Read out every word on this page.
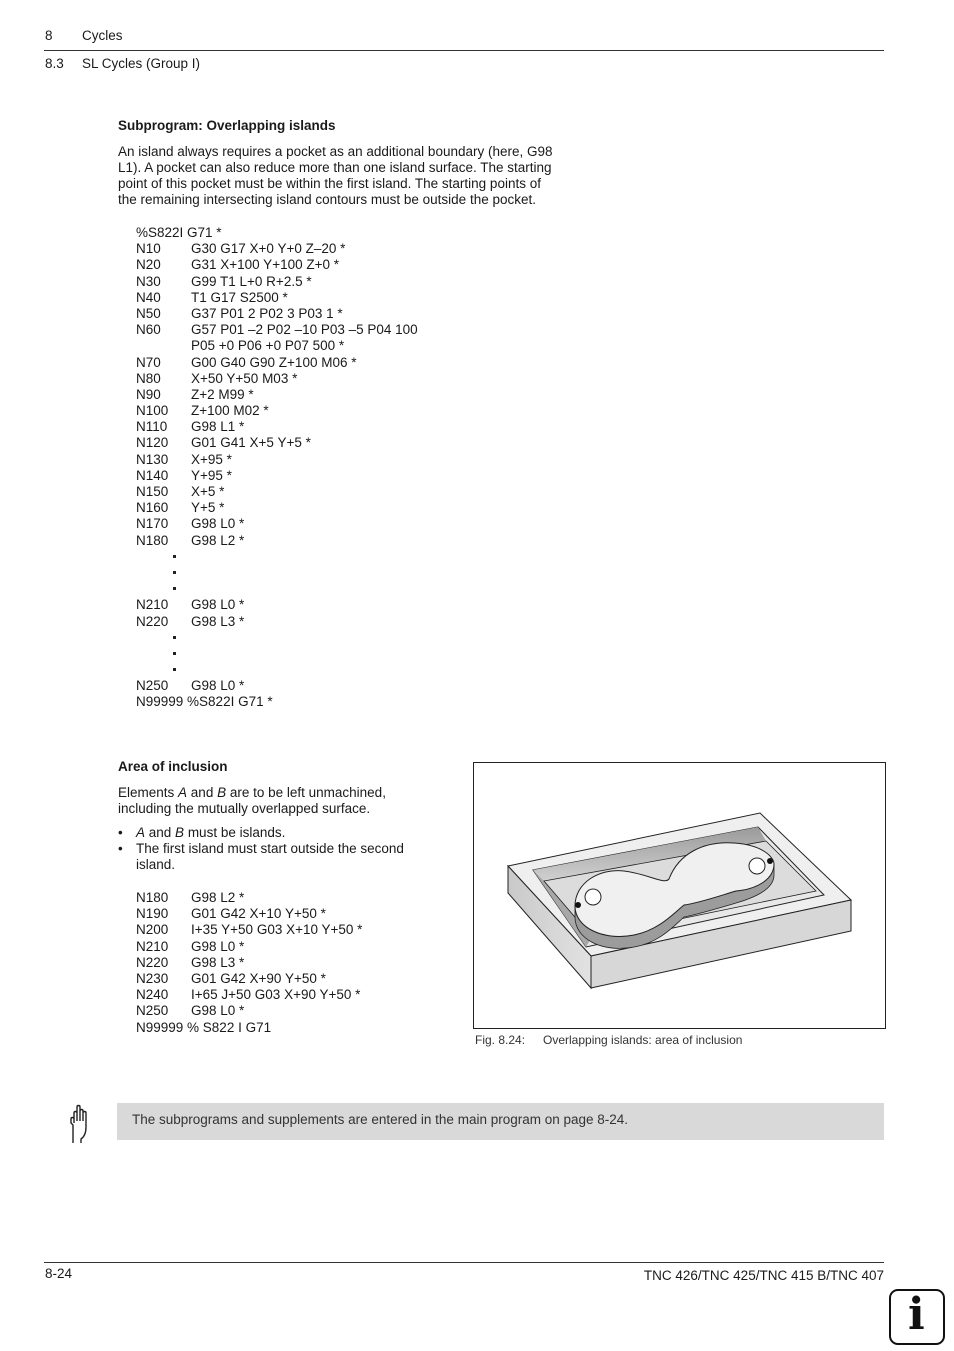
8 Cycles
8.3 SL Cycles (Group I)
Subprogram: Overlapping islands
An island always requires a pocket as an additional boundary (here, G98
L1). A pocket can also reduce more than one island surface. The starting
point of this pocket must be within the first island. The starting points of
the remaining intersecting island contours must be outside the pocket.
%S822I G71 *
N10 G30 G17 X+0 Y+0 Z–20 *
N20 G31 X+100 Y+100 Z+0 *
N30 G99 T1 L+0 R+2.5 *
N40 T1 G17 S2500 *
N50 G37 P01 2 P02 3 P03 1 *
N60 G57 P01 –2 P02 –10 P03 –5 P04 100
P05 +0 P06 +0 P07 500 *
N70 G00 G40 G90 Z+100 M06 *
N80 X+50 Y+50 M03 *
N90 Z+2 M99 *
N100 Z+100 M02 *
N110 G98 L1 *
N120 G01 G41 X+5 Y+5 *
N130 X+95 *
N140 Y+95 *
N150 X+5 *
N160 Y+5 *
N170 G98 L0 *
N180 G98 L2 *
N210 G98 L0 *
N220 G98 L3 *
N250 G98 L0 *
N99999 %S822I G71 *
Area of inclusion
Elements A and B are to be left unmachined,
including the mutually overlapped surface.
• A and B must be islands.
• The first island must start outside the second
island.
N180 G98 L2 *
N190 G01 G42 X+10 Y+50 *
N200 I+35 Y+50 G03 X+10 Y+50 *
N210 G98 L0 *
N220 G98 L3 *
N230 G01 G42 X+90 Y+50 *
N240 I+65 J+50 G03 X+90 Y+50 *
N250 G98 L0 *
N99999 % S822 I G71
Fig. 8.24: Overlapping islands: area of inclusion
The subprograms and supplements are entered in the main program on page 8-24.
8-24	TNC 426/TNC 425/TNC 415 B/TNC 407
i
